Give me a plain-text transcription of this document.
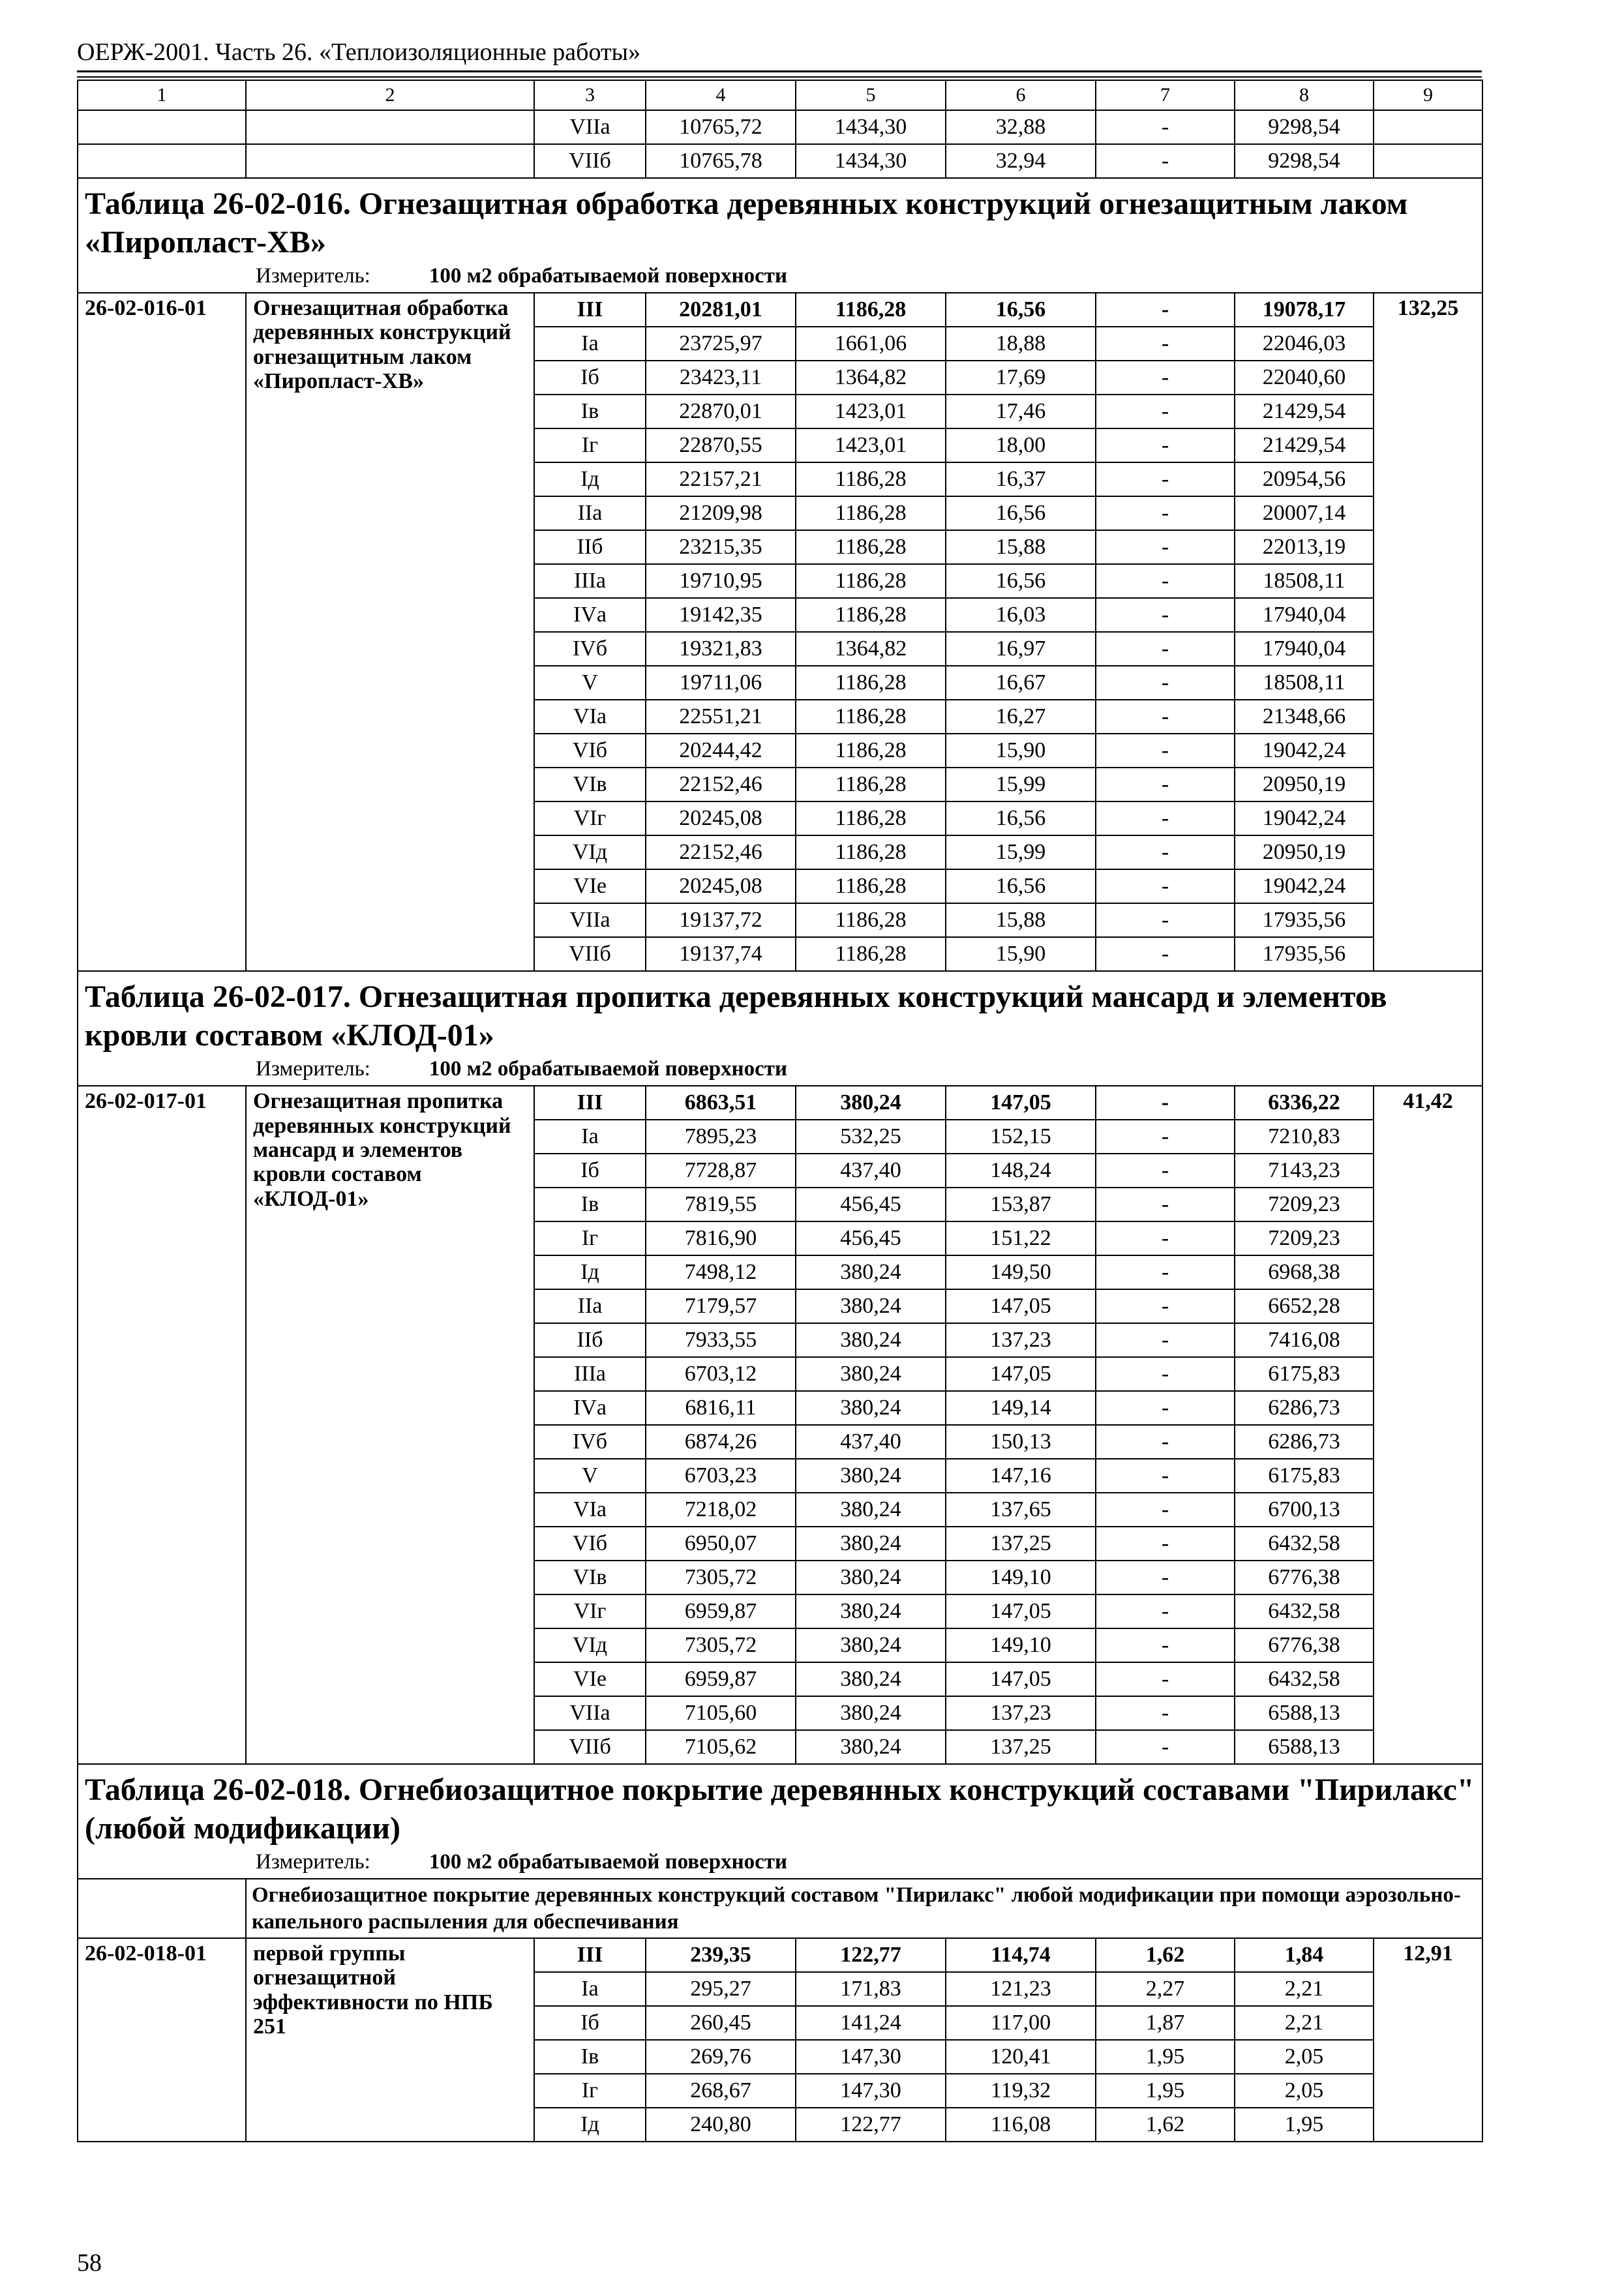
ОЕРЖ-2001. Часть 26. «Теплоизоляционные работы»
1	2	3	4	5	6	7	8	9
		VIIа	10765,72	1434,30	32,88	-	9298,54	
		VIIб	10765,78	1434,30	32,94	-	9298,54	

Таблица 26-02-016. Огнезащитная обработка деревянных конструкций огнезащитным лаком «Пиропласт-ХВ»
Измеритель: 100 м2 обрабатываемой поверхности								

26-02-016-01	Огнезащитная обработка деревянных конструкций огнезащитным лаком «Пиропласт-ХВ»	III	20281,01	1186,28	16,56	-	19078,17	132,25
		Iа	23725,97	1661,06	18,88	-	22046,03	
		Iб	23423,11	1364,82	17,69	-	22040,60	
		Iв	22870,01	1423,01	17,46	-	21429,54	
		Iг	22870,55	1423,01	18,00	-	21429,54	
		Iд	22157,21	1186,28	16,37	-	20954,56	
		IIа	21209,98	1186,28	16,56	-	20007,14	
		IIб	23215,35	1186,28	15,88	-	22013,19	
		IIIа	19710,95	1186,28	16,56	-	18508,11	
		IVа	19142,35	1186,28	16,03	-	17940,04	
		IVб	19321,83	1364,82	16,97	-	17940,04	
		V	19711,06	1186,28	16,67	-	18508,11	
		VIа	22551,21	1186,28	16,27	-	21348,66	
		VIб	20244,42	1186,28	15,90	-	19042,24	
		VIв	22152,46	1186,28	15,99	-	20950,19	
		VIг	20245,08	1186,28	16,56	-	19042,24	
		VIд	22152,46	1186,28	15,99	-	20950,19	
		VIе	20245,08	1186,28	16,56	-	19042,24	
		VIIа	19137,72	1186,28	15,88	-	17935,56	
		VIIб	19137,74	1186,28	15,90	-	17935,56	

Таблица 26-02-017. Огнезащитная пропитка деревянных конструкций мансард и элементов кровли составом «КЛОД-01»
Измеритель: 100 м2 обрабатываемой поверхности								

26-02-017-01	Огнезащитная пропитка деревянных конструкций мансард и элементов кровли составом «КЛОД-01»	III	6863,51	380,24	147,05	-	6336,22	41,42
		Iа	7895,23	532,25	152,15	-	7210,83	
		Iб	7728,87	437,40	148,24	-	7143,23	
		Iв	7819,55	456,45	153,87	-	7209,23	
		Iг	7816,90	456,45	151,22	-	7209,23	
		Iд	7498,12	380,24	149,50	-	6968,38	
		IIа	7179,57	380,24	147,05	-	6652,28	
		IIб	7933,55	380,24	137,23	-	7416,08	
		IIIа	6703,12	380,24	147,05	-	6175,83	
		IVа	6816,11	380,24	149,14	-	6286,73	
		IVб	6874,26	437,40	150,13	-	6286,73	
		V	6703,23	380,24	147,16	-	6175,83	
		VIа	7218,02	380,24	137,65	-	6700,13	
		VIб	6950,07	380,24	137,25	-	6432,58	
		VIв	7305,72	380,24	149,10	-	6776,38	
		VIг	6959,87	380,24	147,05	-	6432,58	
		VIд	7305,72	380,24	149,10	-	6776,38	
		VIе	6959,87	380,24	147,05	-	6432,58	
		VIIа	7105,60	380,24	137,23	-	6588,13	
		VIIб	7105,62	380,24	137,25	-	6588,13	

Таблица 26-02-018. Огнебиозащитное покрытие деревянных конструкций составами "Пирилакс" (любой модификации)
Измеритель: 100 м2 обрабатываемой поверхности								

	Огнебиозащитное покрытие деревянных конструкций составом "Пирилакс" любой модификации при помощи аэрозольно-капельного распыления для обеспечивания							
26-02-018-01	первой группы огнезащитной эффективности по НПБ 251	III	239,35	122,77	114,74	1,62	1,84	12,91
		Iа	295,27	171,83	121,23	2,27	2,21	
		Iб	260,45	141,24	117,00	1,87	2,21	
		Iв	269,76	147,30	120,41	1,95	2,05	
		Iг	268,67	147,30	119,32	1,95	2,05	
		Iд	240,80	122,77	116,08	1,62	1,95	
58
